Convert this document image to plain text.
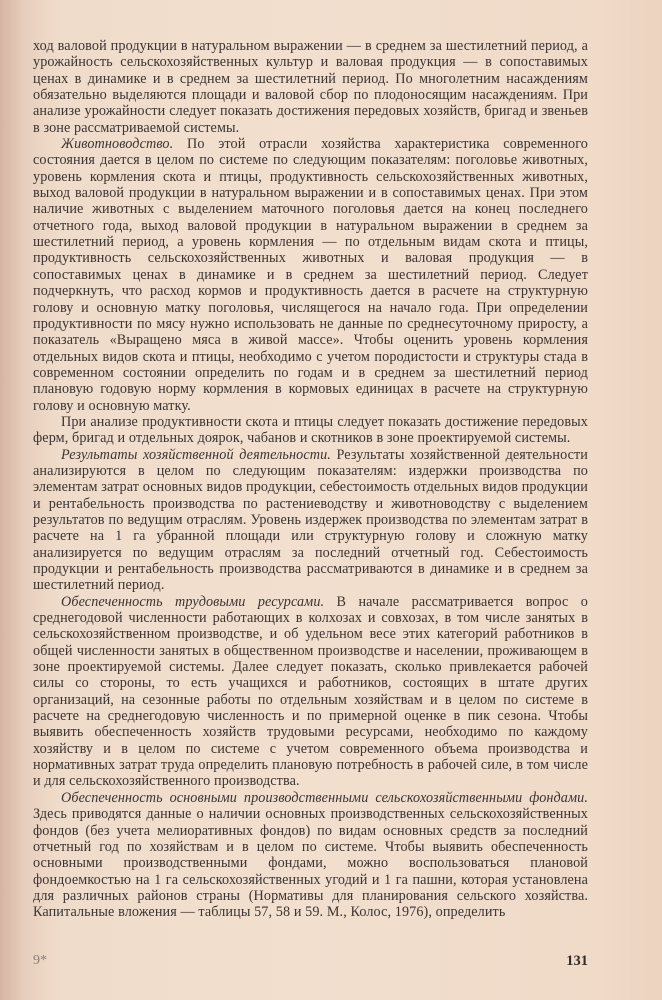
ход валовой продукции в натуральном выражении — в среднем за шестилетний период, а урожайность сельскохозяйственных культур и валовая продукция — в сопоставимых ценах в динамике и в среднем за шестилетний период. По многолетним насаждениям обязательно выделяются площади и валовой сбор по плодоносящим насаждениям. При анализе урожайности следует показать достижения передовых хозяйств, бригад и звеньев в зоне рассматриваемой системы.

Животноводство. По этой отрасли хозяйства характеристика современного состояния дается в целом по системе по следующим показателям: поголовье животных, уровень кормления скота и птицы, продуктивность сельскохозяйственных животных, выход валовой продукции в натуральном выражении и в сопоставимых ценах. При этом наличие животных с выделением маточного поголовья дается на конец последнего отчетного года, выход валовой продукции в натуральном выражении в среднем за шестилетний период, а уровень кормления — по отдельным видам скота и птицы, продуктивность сельскохозяйственных животных и валовая продукция — в сопоставимых ценах в динамике и в среднем за шестилетний период. Следует подчеркнуть, что расход кормов и продуктивность дается в расчете на структурную голову и основную матку поголовья, числящегося на начало года. При определении продуктивности по мясу нужно использовать не данные по среднесуточному приросту, а показатель «Выращено мяса в живой массе». Чтобы оценить уровень кормления отдельных видов скота и птицы, необходимо с учетом породистости и структуры стада в современном состоянии определить по годам и в среднем за шестилетний период плановую годовую норму кормления в кормовых единицах в расчете на структурную голову и основную матку.

При анализе продуктивности скота и птицы следует показать достижение передовых ферм, бригад и отдельных доярок, чабанов и скотников в зоне проектируемой системы.

Результаты хозяйственной деятельности. Результаты хозяйственной деятельности анализируются в целом по следующим показателям: издержки производства по элементам затрат основных видов продукции, себестоимость отдельных видов продукции и рентабельность производства по растениеводству и животноводству с выделением результатов по ведущим отраслям. Уровень издержек производства по элементам затрат в расчете на 1 га убранной площади или структурную голову и сложную матку анализируется по ведущим отраслям за последний отчетный год. Себестоимость продукции и рентабельность производства рассматриваются в динамике и в среднем за шестилетний период.

Обеспеченность трудовыми ресурсами. В начале рассматривается вопрос о среднегодовой численности работающих в колхозах и совхозах, в том числе занятых в сельскохозяйственном производстве, и об удельном весе этих категорий работников в общей численности занятых в общественном производстве и населении, проживающем в зоне проектируемой системы. Далее следует показать, сколько привлекается рабочей силы со стороны, то есть учащихся и работников, состоящих в штате других организаций, на сезонные работы по отдельным хозяйствам и в целом по системе в расчете на среднегодовую численность и по примерной оценке в пик сезона. Чтобы выявить обеспеченность хозяйств трудовыми ресурсами, необходимо по каждому хозяйству и в целом по системе с учетом современного объема производства и нормативных затрат труда определить плановую потребность в рабочей силе, в том числе и для сельскохозяйственного производства.

Обеспеченность основными производственными сельскохозяйственными фондами. Здесь приводятся данные о наличии основных производственных сельскохозяйственных фондов (без учета мелиоративных фондов) по видам основных средств за последний отчетный год по хозяйствам и в целом по системе. Чтобы выявить обеспеченность основными производственными фондами, можно воспользоваться плановой фондоемкостью на 1 га сельскохозяйственных угодий и 1 га пашни, которая установлена для различных районов страны (Нормативы для планирования сельского хозяйства. Капитальные вложения — таблицы 57, 58 и 59. М., Колос, 1976), определить

9*	131
